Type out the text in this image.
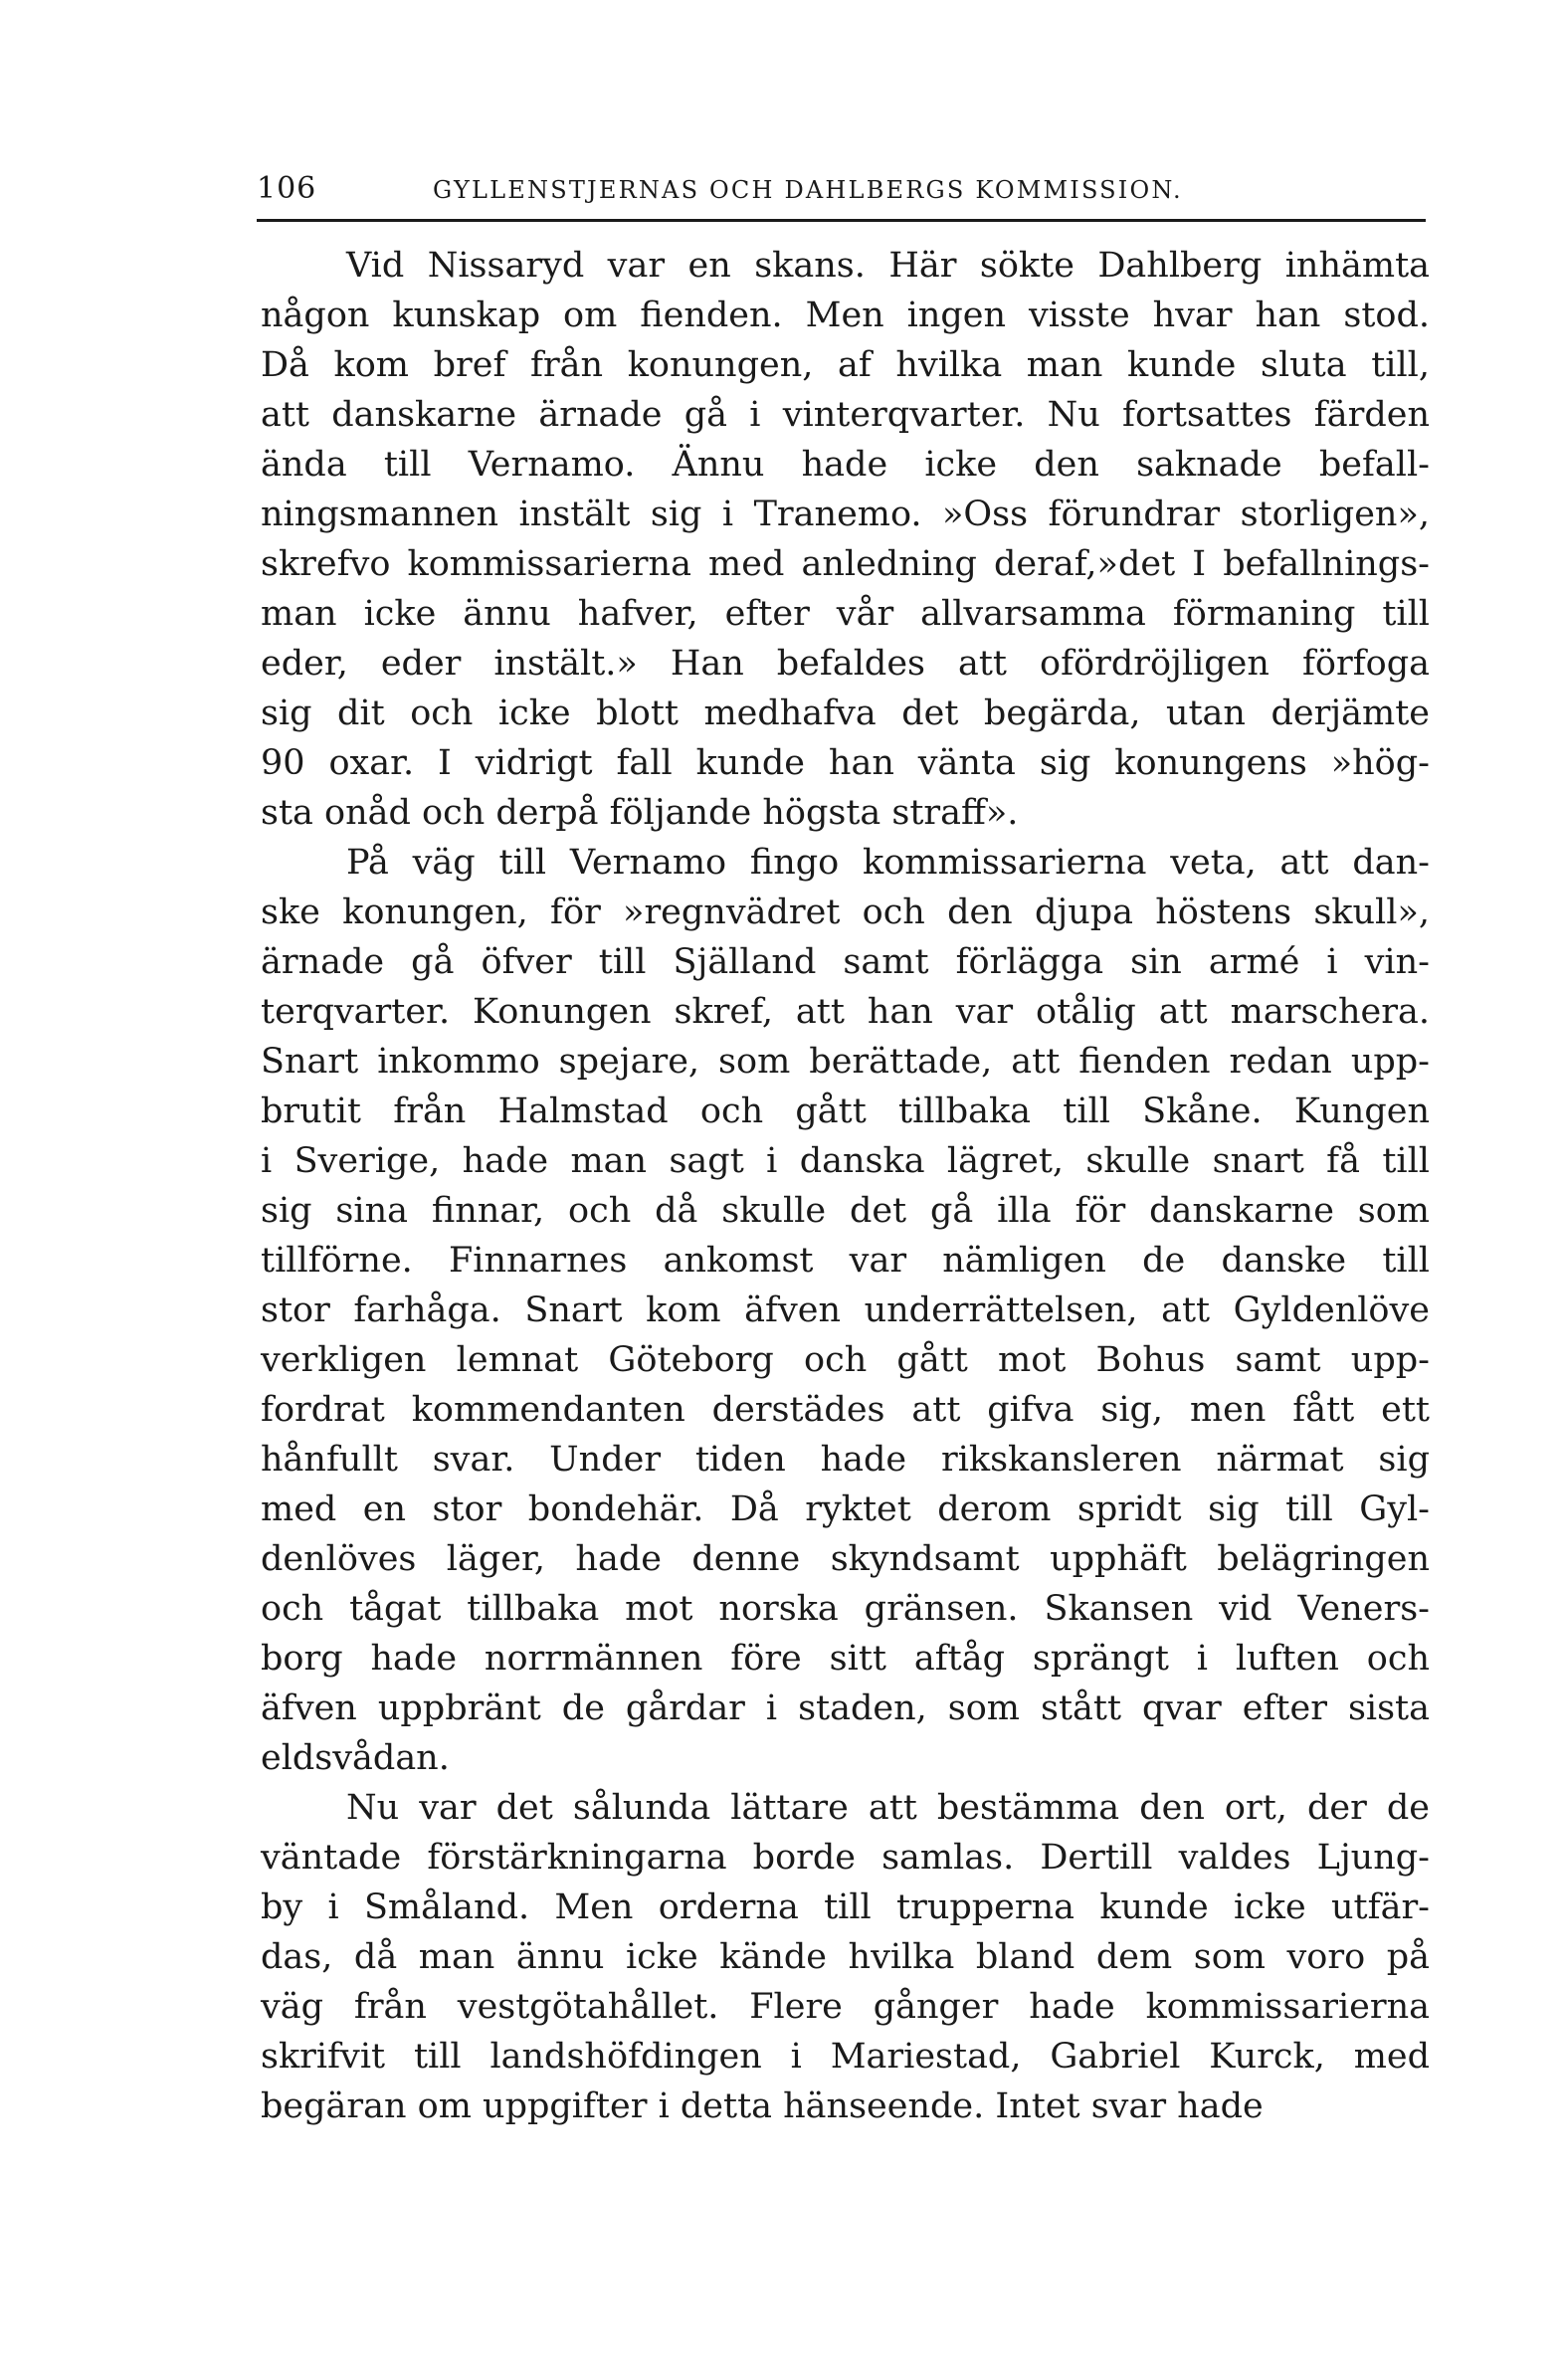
106	GYLLENSTJERNAS OCH DAHLBERGS KOMMISSION.
Vid Nissaryd var en skans. Här sökte Dahlberg inhämta
någon kunskap om fienden. Men ingen visste hvar han stod.
Då kom bref från konungen, af hvilka man kunde sluta till,
att danskarne ärnade gå i vinterqvarter. Nu fortsattes färden
ända till Vernamo. Ännu hade icke den saknade befall-
ningsmannen instält sig i Tranemo. »Oss förundrar storligen»,
skrefvo kommissarierna med anledning deraf,»det I befallnings-
man icke ännu hafver, efter vår allvarsamma förmaning till
eder, eder instält.» Han befaldes att ofördröjligen förfoga
sig dit och icke blott medhafva det begärda, utan derjämte
90 oxar. I vidrigt fall kunde han vänta sig konungens »hög-
sta onåd och derpå följande högsta straff».
På väg till Vernamo fingo kommissarierna veta, att dan-
ske konungen, för »regnvädret och den djupa höstens skull»,
ärnade gå öfver till Själland samt förlägga sin armé i vin-
terqvarter. Konungen skref, att han var otålig att marschera.
Snart inkommo spejare, som berättade, att fienden redan upp-
brutit från Halmstad och gått tillbaka till Skåne. Kungen
i Sverige, hade man sagt i danska lägret, skulle snart få till
sig sina finnar, och då skulle det gå illa för danskarne som
tillförne. Finnarnes ankomst var nämligen de danske till
stor farhåga. Snart kom äfven underrättelsen, att Gyldenlöve
verkligen lemnat Göteborg och gått mot Bohus samt upp-
fordrat kommendanten derstädes att gifva sig, men fått ett
hånfullt svar. Under tiden hade rikskansleren närmat sig
med en stor bondehär. Då ryktet derom spridt sig till Gyl-
denlöves läger, hade denne skyndsamt upphäft belägringen
och tågat tillbaka mot norska gränsen. Skansen vid Veners-
borg hade norrmännen före sitt aftåg sprängt i luften och
äfven uppbränt de gårdar i staden, som stått qvar efter sista
eldsvådan.
Nu var det sålunda lättare att bestämma den ort, der de
väntade förstärkningarna borde samlas. Dertill valdes Ljung-
by i Småland. Men orderna till trupperna kunde icke utfär-
das, då man ännu icke kände hvilka bland dem som voro på
väg från vestgötahållet. Flere gånger hade kommissarierna
skrifvit till landshöfdingen i Mariestad, Gabriel Kurck, med
begäran om uppgifter i detta hänseende. Intet svar hade
